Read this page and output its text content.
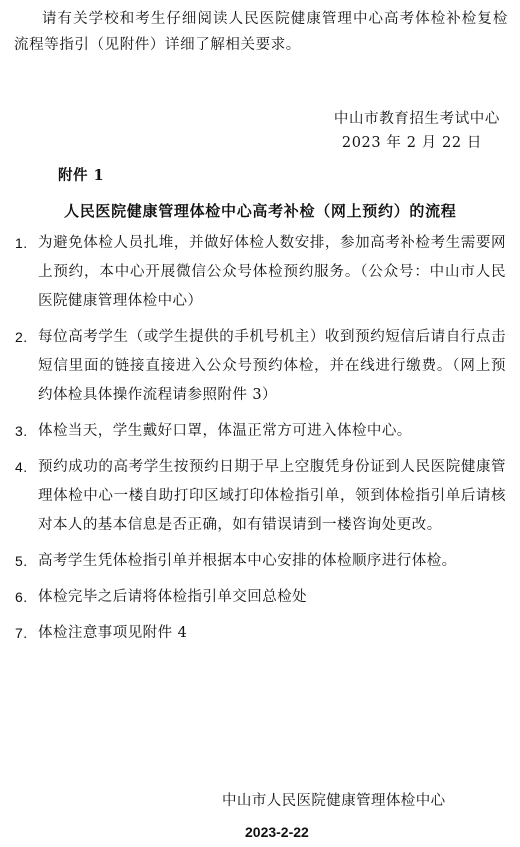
请有关学校和考生仔细阅读人民医院健康管理中心高考体检补检复检流程等指引（见附件）详细了解相关要求。

中山市教育招生考试中心
2023 年 2 月 22 日
附件 1
人民医院健康管理体检中心高考补检（网上预约）的流程
1. 为避免体检人员扎堆，并做好体检人数安排，参加高考补检考生需要网上预约，本中心开展微信公众号体检预约服务。（公众号：中山市人民医院健康管理体检中心）
2. 每位高考学生（或学生提供的手机号机主）收到预约短信后请自行点击短信里面的链接直接进入公众号预约体检，并在线进行缴费。（网上预约体检具体操作流程请参照附件 3）
3. 体检当天，学生戴好口罩，体温正常方可进入体检中心。
4. 预约成功的高考学生按预约日期于早上空腹凭身份证到人民医院健康管理体检中心一楼自助打印区域打印体检指引单，领到体检指引单后请核对本人的基本信息是否正确，如有错误请到一楼咨询处更改。
5. 高考学生凭体检指引单并根据本中心安排的体检顺序进行体检。
6. 体检完毕之后请将体检指引单交回总检处
7. 体检注意事项见附件 4
中山市人民医院健康管理体检中心
2023-2-22
